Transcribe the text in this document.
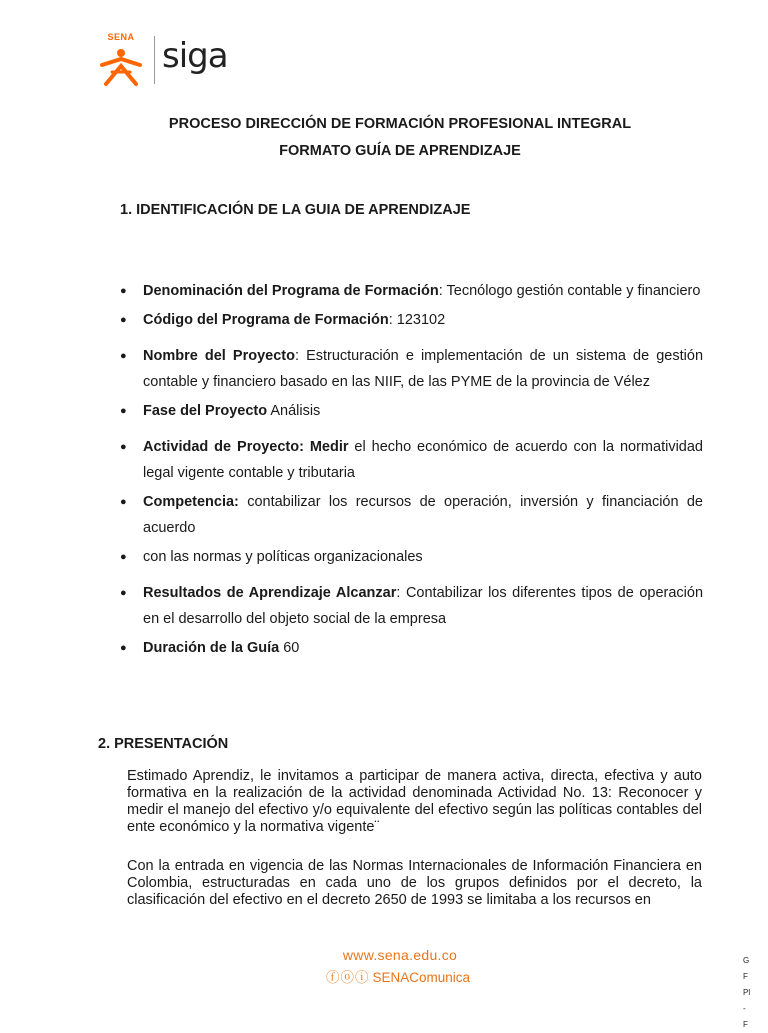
SENA siga
PROCESO DIRECCIÓN DE FORMACIÓN PROFESIONAL INTEGRAL
FORMATO GUÍA DE APRENDIZAJE
1. IDENTIFICACIÓN DE LA GUIA DE APRENDIZAJE
● Denominación del Programa de Formación: Tecnólogo gestión contable y financiero
● Código del Programa de Formación: 123102
● Nombre del Proyecto: Estructuración e implementación de un sistema de gestión contable y financiero basado en las NIIF, de las PYME de la provincia de Vélez
● Fase del Proyecto Análisis
● Actividad de Proyecto: Medir el hecho económico de acuerdo con la normatividad legal vigente contable y tributaria
● Competencia: contabilizar los recursos de operación, inversión y financiación de acuerdo
● con las normas y políticas organizacionales
● Resultados de Aprendizaje Alcanzar: Contabilizar los diferentes tipos de operación en el desarrollo del objeto social de la empresa
● Duración de la Guía 60
2. PRESENTACIÓN

Estimado Aprendiz, le invitamos a participar de manera activa, directa, efectiva y auto formativa en la realización de la actividad denominada Actividad No. 13: Reconocer y medir el manejo del efectivo y/o equivalente del efectivo según las políticas contables del ente económico y la normativa vigente¨

Con la entrada en vigencia de las Normas Internacionales de Información Financiera en Colombia, estructuradas en cada uno de los grupos definidos por el decreto, la clasificación del efectivo en el decreto 2650 de 1993 se limitaba a los recursos en

www.sena.edu.co
ⓕⓞⓘ SENAComunica
G
F
Pl
-
F
